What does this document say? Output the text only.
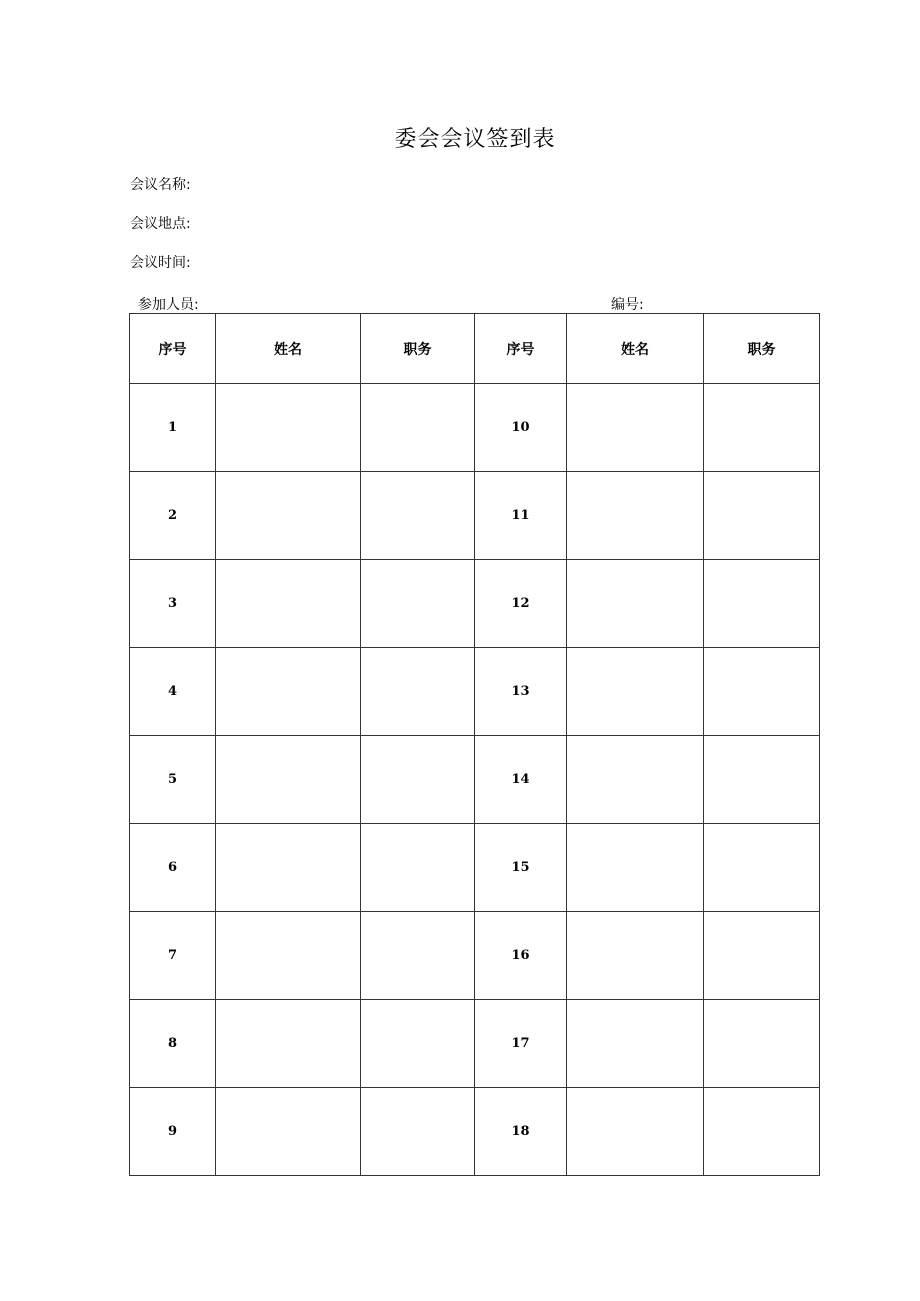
委会会议签到表
会议名称:
会议地点:
会议时间:
参加人员:	编号:
序号	姓名	职务	序号	姓名	职务
1			10		
2			11		
3			12		
4			13		
5			14		
6			15		
7			16		
8			17		
9			18		
